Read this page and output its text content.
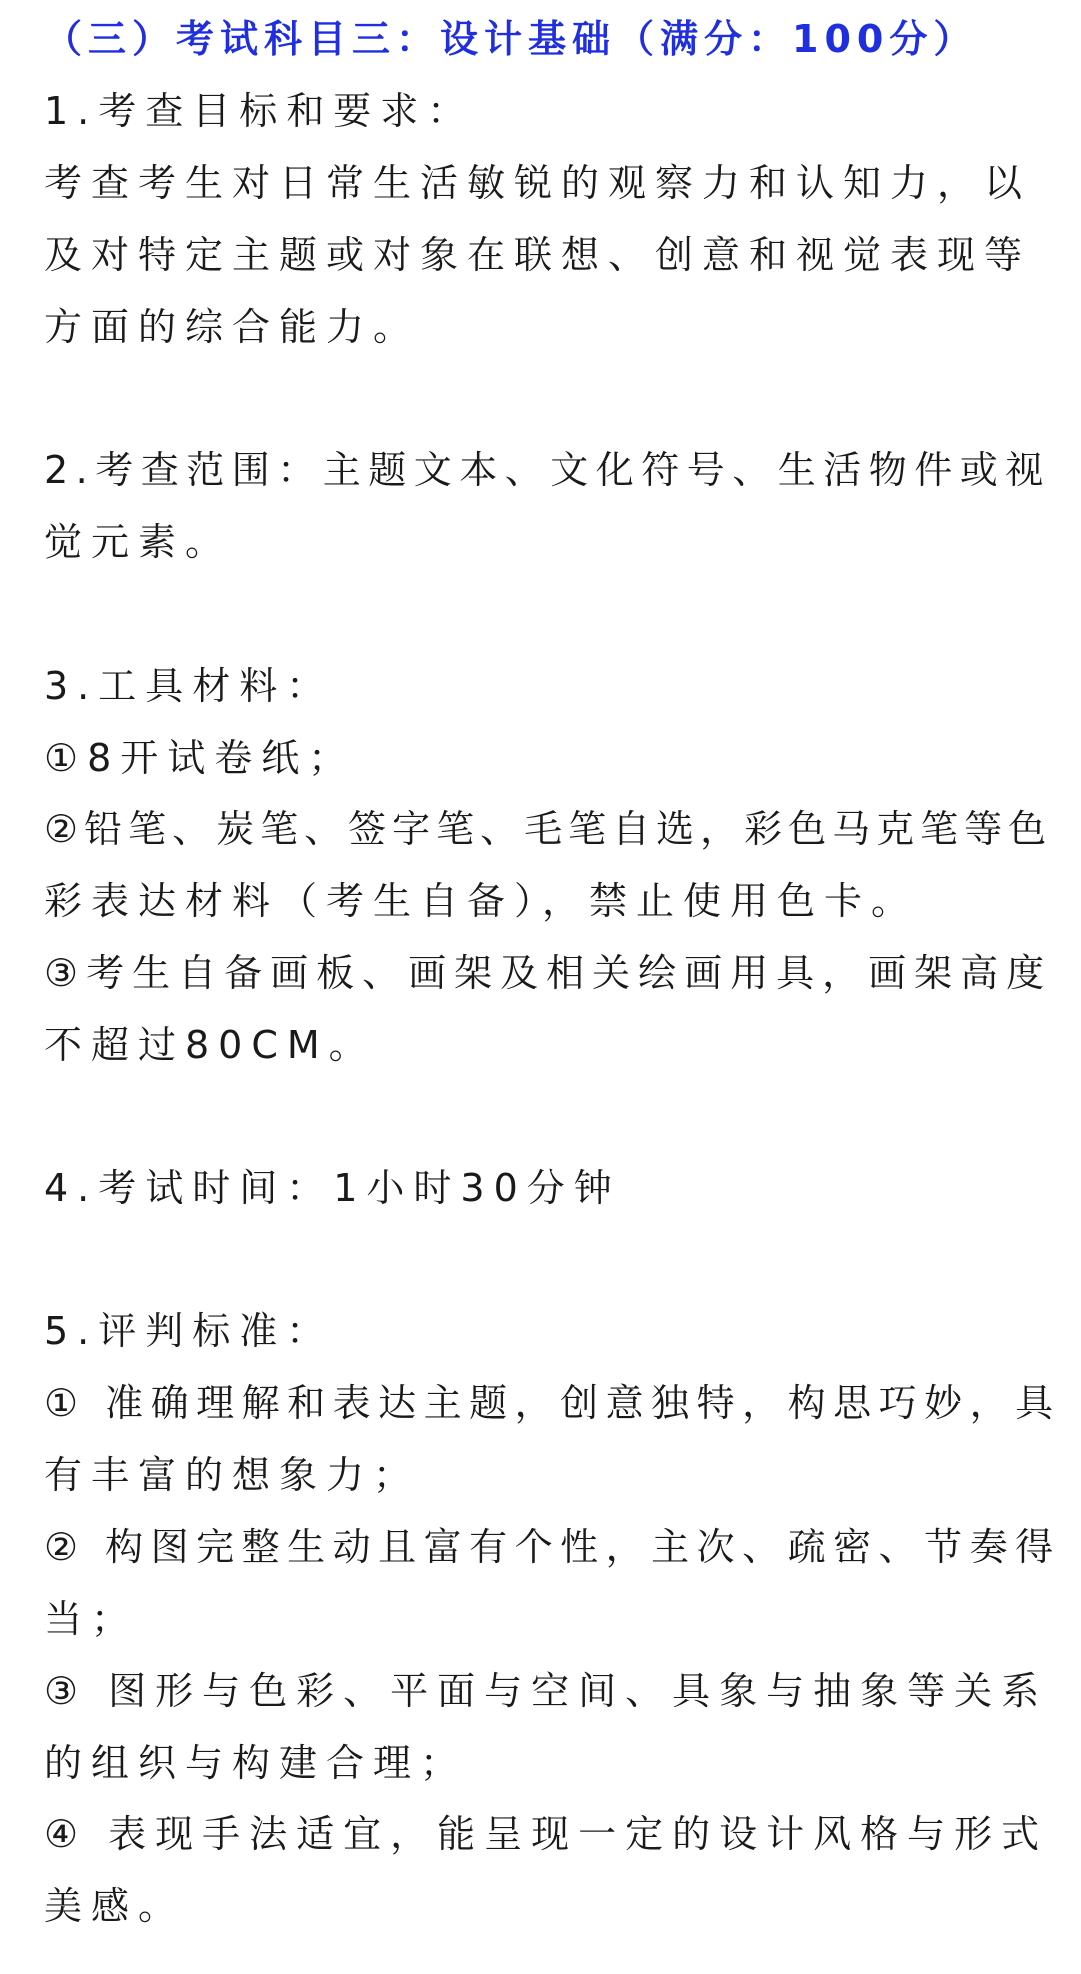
（三）考试科目三：设计基础（满分：100分）

1.考查目标和要求：

考查考生对日常生活敏锐的观察力和认知力，以

及对特定主题或对象在联想、创意和视觉表现等

方面的综合能力。

2.考查范围：主题文本、文化符号、生活物件或视

觉元素。

3.工具材料：

①8开试卷纸；

②铅笔、炭笔、签字笔、毛笔自选，彩色马克笔等色

彩表达材料（考生自备），禁止使用色卡。

③考生自备画板、画架及相关绘画用具，画架高度

不超过80CM。

4.考试时间：1小时30分钟

5.评判标准：

① 准确理解和表达主题，创意独特，构思巧妙，具

有丰富的想象力；

② 构图完整生动且富有个性，主次、疏密、节奏得

当；

③ 图形与色彩、平面与空间、具象与抽象等关系

的组织与构建合理；

④ 表现手法适宜，能呈现一定的设计风格与形式

美感。
